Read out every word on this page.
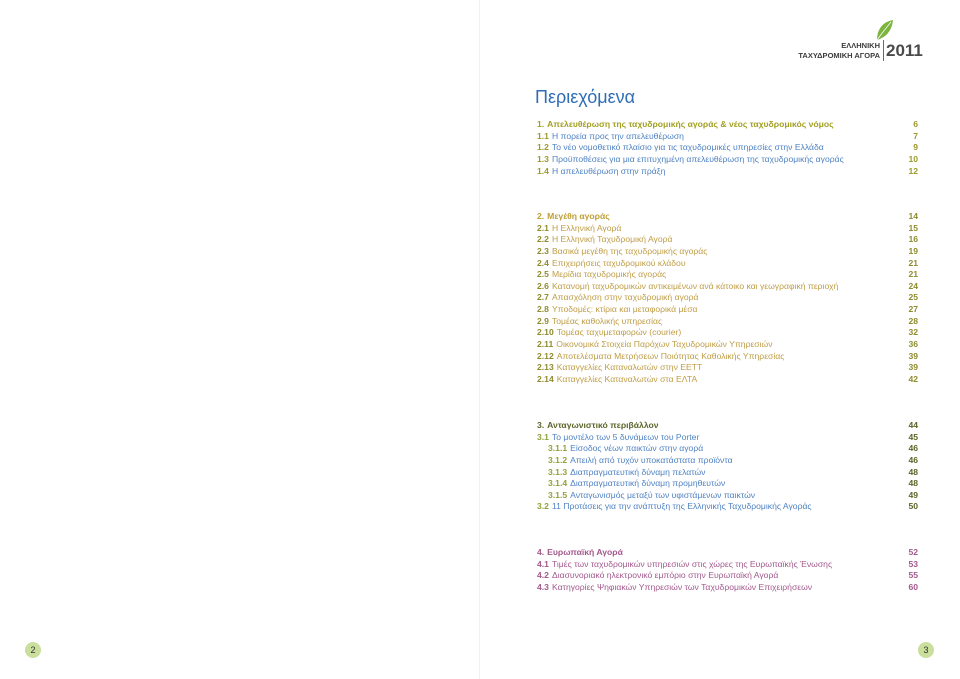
ΕΛΛΗΝΙΚΗ
ΤΑΧΥΔΡΟΜΙΚΗ ΑΓΟΡΑ 2011
Περιεχόμενα
1. Απελευθέρωση της ταχυδρομικής αγοράς & νέος ταχυδρομικός νόμος	6
1.1 Η πορεία προς την απελευθέρωση	7
1.2 Το νέο νομοθετικό πλαίσιο για τις ταχυδρομικές υπηρεσίες στην Ελλάδα	9
1.3 Προϋποθέσεις για μια επιτυχημένη απελευθέρωση της ταχυδρομικής αγοράς	10
1.4 Η απελευθέρωση στην πράξη	12
2. Μεγέθη αγοράς	14
2.1 Η Ελληνική Αγορά	15
2.2 Η Ελληνική Ταχυδρομική Αγορά	16
2.3 Βασικά μεγέθη της ταχυδρομικής αγοράς	19
2.4 Επιχειρήσεις ταχυδρομικού κλάδου	21
2.5 Μερίδια ταχυδρομικής αγοράς	21
2.6 Κατανομή ταχυδρομικών αντικειμένων ανά κάτοικο και γεωγραφική περιοχή	24
2.7 Απασχόληση στην ταχυδρομική αγορά	25
2.8 Υποδομές: κτίρια και μεταφορικά μέσα	27
2.9 Τομέας καθολικής υπηρεσίας	28
2.10 Τομέας ταχυμεταφορών (courier)	32
2.11 Οικονομικά Στοιχεία Παρόχων Ταχυδρομικών Υπηρεσιών	36
2.12 Αποτελέσματα Μετρήσεων Ποιότητας Καθολικής Υπηρεσίας	39
2.13 Καταγγελίες Καταναλωτών στην ΕΕΤΤ	39
2.14 Καταγγελίες Καταναλωτών στα ΕΛΤΑ	42
3. Ανταγωνιστικό περιβάλλον	44
3.1 Το μοντέλο των 5 δυνάμεων του Porter	45
3.1.1 Είσοδος νέων παικτών στην αγορά	46
3.1.2 Απειλή από τυχόν υποκατάστατα προϊόντα	46
3.1.3 Διαπραγματευτική δύναμη πελατών	48
3.1.4 Διαπραγματευτική δύναμη προμηθευτών	48
3.1.5 Ανταγωνισμός μεταξύ των υφιστάμενων παικτών	49
3.2 11 Προτάσεις για την ανάπτυξη της Ελληνικής Ταχυδρομικής Αγοράς	50
4. Ευρωπαϊκή Αγορά	52
4.1 Τιμές των ταχυδρομικών υπηρεσιών στις χώρες της Ευρωπαϊκής Ένωσης	53
4.2 Διασυνοριακό ηλεκτρονικό εμπόριο στην Ευρωπαϊκή Αγορά	55
4.3 Κατηγορίες Ψηφιακών Υπηρεσιών των Ταχυδρομικών Επιχειρήσεων	60
2	3
